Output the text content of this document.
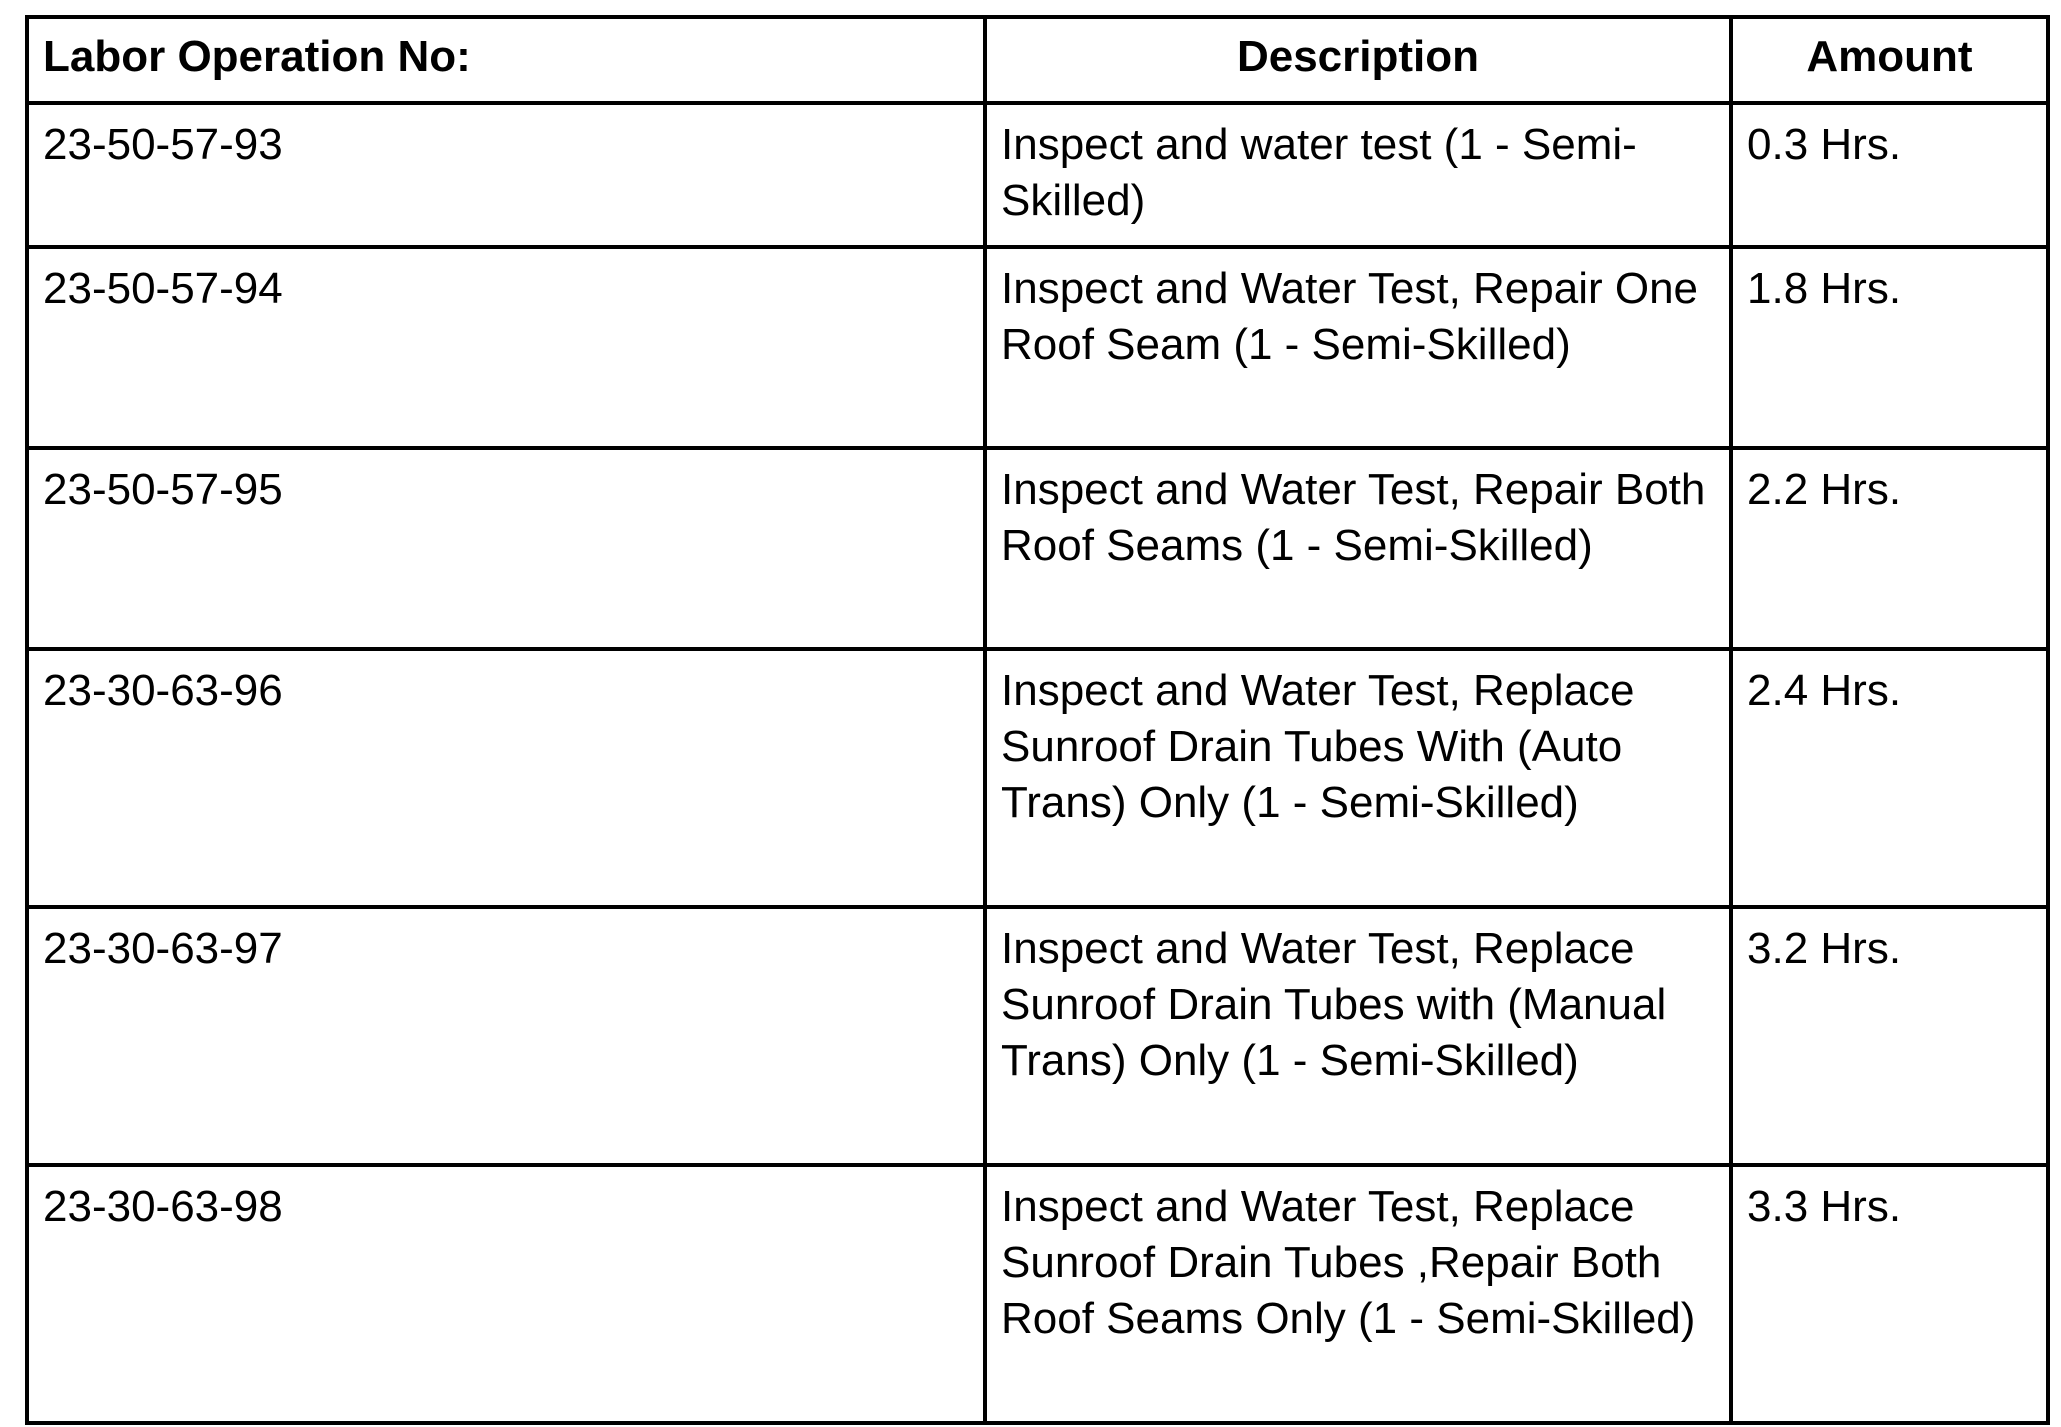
Labor Operation No:	Description	Amount
23-50-57-93	Inspect and water test (1 - Semi-Skilled)	0.3 Hrs.
23-50-57-94	Inspect and Water Test, Repair One Roof Seam (1 - Semi-Skilled)	1.8 Hrs.
23-50-57-95	Inspect and Water Test, Repair Both Roof Seams (1 - Semi-Skilled)	2.2 Hrs.
23-30-63-96	Inspect and Water Test, Replace Sunroof Drain Tubes With (Auto Trans) Only (1 - Semi-Skilled)	2.4 Hrs.
23-30-63-97	Inspect and Water Test, Replace Sunroof Drain Tubes with (Manual Trans) Only (1 - Semi-Skilled)	3.2 Hrs.
23-30-63-98	Inspect and Water Test, Replace Sunroof Drain Tubes ,Repair Both Roof Seams Only (1 - Semi-Skilled)	3.3 Hrs.
